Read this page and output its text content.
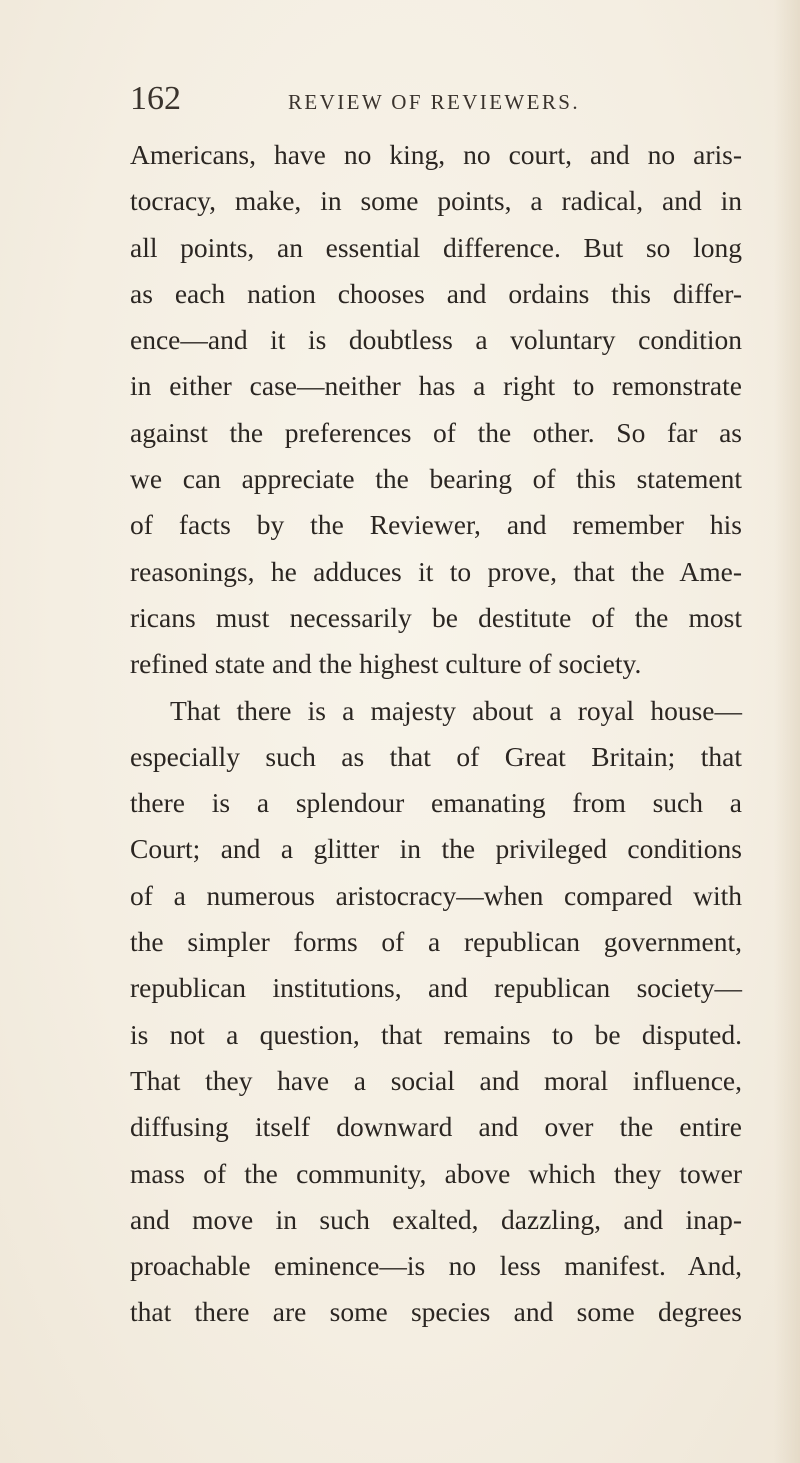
162	REVIEW OF REVIEWERS.
Americans, have no king, no court, and no aris-
tocracy, make, in some points, a radical, and in
all points, an essential difference. But so long
as each nation chooses and ordains this differ-
ence—and it is doubtless a voluntary condition
in either case—neither has a right to remonstrate
against the preferences of the other. So far as
we can appreciate the bearing of this statement
of facts by the Reviewer, and remember his
reasonings, he adduces it to prove, that the Ame-
ricans must necessarily be destitute of the most
refined state and the highest culture of society.
That there is a majesty about a royal house—
especially such as that of Great Britain; that
there is a splendour emanating from such a
Court; and a glitter in the privileged conditions
of a numerous aristocracy—when compared with
the simpler forms of a republican government,
republican institutions, and republican society—
is not a question, that remains to be disputed.
That they have a social and moral influence,
diffusing itself downward and over the entire
mass of the community, above which they tower
and move in such exalted, dazzling, and inap-
proachable eminence—is no less manifest. And,
that there are some species and some degrees
